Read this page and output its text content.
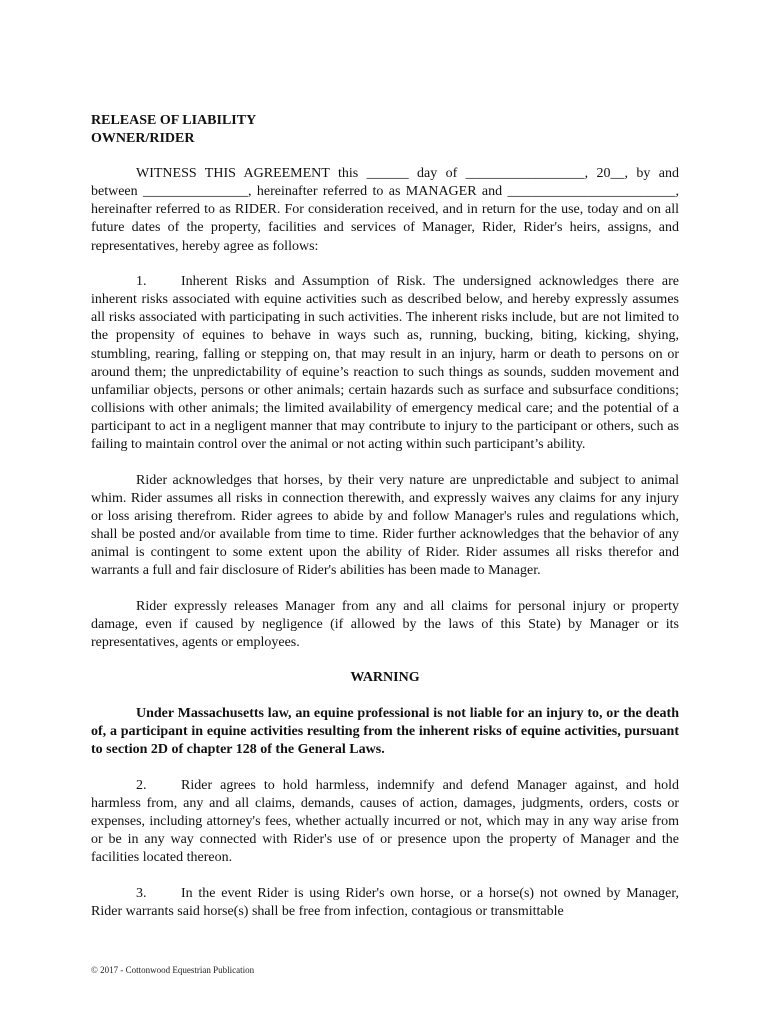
RELEASE OF LIABILITY

OWNER/RIDER

WITNESS THIS AGREEMENT this ______ day of _________________, 20__, by and between _______________, hereinafter referred to as MANAGER and ________________________, hereinafter referred to as RIDER. For consideration received, and in return for the use, today and on all future dates of the property, facilities and services of Manager, Rider, Rider's heirs, assigns, and representatives, hereby agree as follows:

1. Inherent Risks and Assumption of Risk. The undersigned acknowledges there are inherent risks associated with equine activities such as described below, and hereby expressly assumes all risks associated with participating in such activities. The inherent risks include, but are not limited to the propensity of equines to behave in ways such as, running, bucking, biting, kicking, shying, stumbling, rearing, falling or stepping on, that may result in an injury, harm or death to persons on or around them; the unpredictability of equine’s reaction to such things as sounds, sudden movement and unfamiliar objects, persons or other animals; certain hazards such as surface and subsurface conditions; collisions with other animals; the limited availability of emergency medical care; and the potential of a participant to act in a negligent manner that may contribute to injury to the participant or others, such as failing to maintain control over the animal or not acting within such participant’s ability.

Rider acknowledges that horses, by their very nature are unpredictable and subject to animal whim. Rider assumes all risks in connection therewith, and expressly waives any claims for any injury or loss arising therefrom. Rider agrees to abide by and follow Manager's rules and regulations which, shall be posted and/or available from time to time. Rider further acknowledges that the behavior of any animal is contingent to some extent upon the ability of Rider. Rider assumes all risks therefor and warrants a full and fair disclosure of Rider's abilities has been made to Manager.

Rider expressly releases Manager from any and all claims for personal injury or property damage, even if caused by negligence (if allowed by the laws of this State) by Manager or its representatives, agents or employees.

WARNING

Under Massachusetts law, an equine professional is not liable for an injury to, or the death of, a participant in equine activities resulting from the inherent risks of equine activities, pursuant to section 2D of chapter 128 of the General Laws.

2. Rider agrees to hold harmless, indemnify and defend Manager against, and hold harmless from, any and all claims, demands, causes of action, damages, judgments, orders, costs or expenses, including attorney's fees, whether actually incurred or not, which may in any way arise from or be in any way connected with Rider's use of or presence upon the property of Manager and the facilities located thereon.

3. In the event Rider is using Rider's own horse, or a horse(s) not owned by Manager, Rider warrants said horse(s) shall be free from infection, contagious or transmittable

© 2017 - Cottonwood Equestrian Publication
